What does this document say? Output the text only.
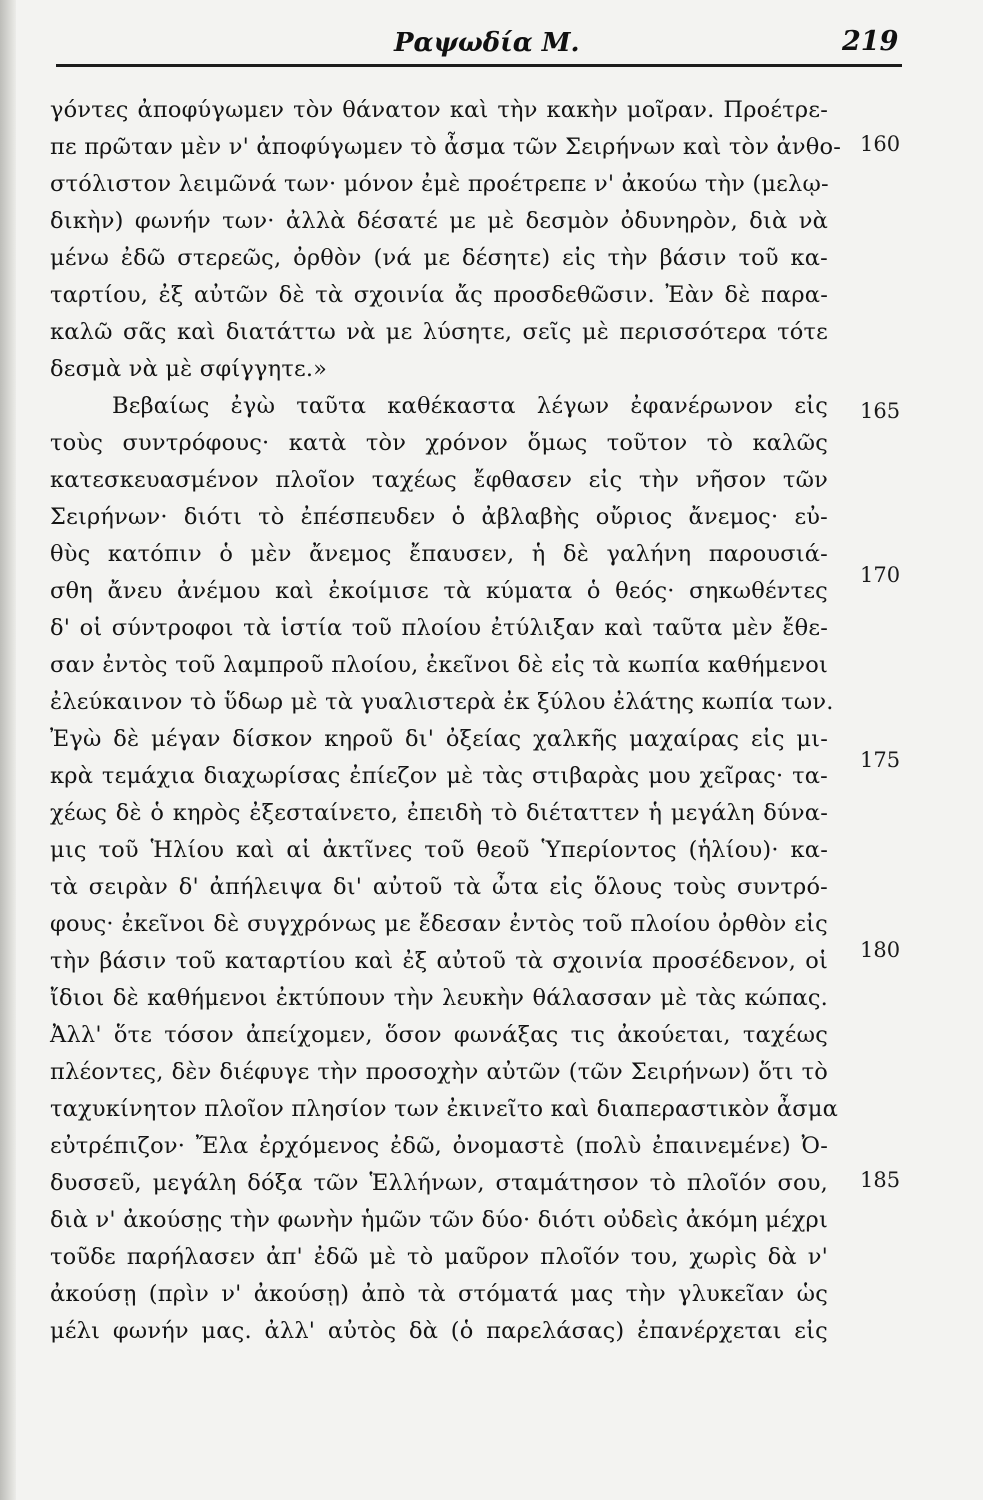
Ραψωδία Μ.	219
γόντες ἀποφύγωμεν τὸν θάνατον καὶ τὴν κακὴν μοῖραν. Προέτρε-
πε πρῶταν μὲν ν' ἀποφύγωμεν τὸ ἆσμα τῶν Σειρήνων καὶ τὸν ἀνθο-
στόλιστον λειμῶνά των· μόνον ἐμὲ προέτρεπε ν' ἀκούω τὴν (μελῳ-
δικὴν) φωνήν των· ἀλλὰ δέσατέ με μὲ δεσμὸν ὀδυνηρὸν, διὰ νὰ
μένω ἐδῶ στερεῶς, ὀρθὸν (νά με δέσητε) εἰς τὴν βάσιν τοῦ κα-
ταρτίου, ἐξ αὐτῶν δὲ τὰ σχοινία ἄς προσδεθῶσιν. Ἐὰν δὲ παρα-
καλῶ σᾶς καὶ διατάττω νὰ με λύσητε, σεῖς μὲ περισσότερα τότε
δεσμὰ νὰ μὲ σφίγγητε.»
Βεβαίως ἐγὼ ταῦτα καθέκαστα λέγων ἐφανέρωνον εἰς
τοὺς συντρόφους· κατὰ τὸν χρόνον ὅμως τοῦτον τὸ καλῶς
κατεσκευασμένον πλοῖον ταχέως ἔφθασεν εἰς τὴν νῆσον τῶν
Σειρήνων· διότι τὸ ἐπέσπευδεν ὁ ἀβλαβὴς οὔριος ἄνεμος· εὐ-
θὺς κατόπιν ὁ μὲν ἄνεμος ἔπαυσεν, ἡ δὲ γαλήνη παρουσιά-
σθη ἄνευ ἀνέμου καὶ ἐκοίμισε τὰ κύματα ὁ θεός· σηκωθέντες
δ' οἱ σύντροφοι τὰ ἱστία τοῦ πλοίου ἐτύλιξαν καὶ ταῦτα μὲν ἔθε-
σαν ἐντὸς τοῦ λαμπροῦ πλοίου, ἐκεῖνοι δὲ εἰς τὰ κωπία καθήμενοι
ἐλεύκαινον τὸ ὕδωρ μὲ τὰ γυαλιστερὰ ἐκ ξύλου ἐλάτης κωπία των.
Ἐγὼ δὲ μέγαν δίσκον κηροῦ δι' ὀξείας χαλκῆς μαχαίρας εἰς μι-
κρὰ τεμάχια διαχωρίσας ἐπίεζον μὲ τὰς στιβαρὰς μου χεῖρας· τα-
χέως δὲ ὁ κηρὸς ἐξεσταίνετο, ἐπειδὴ τὸ διέταττεν ἡ μεγάλη δύνα-
μις τοῦ Ἡλίου καὶ αἱ ἀκτῖνες τοῦ θεοῦ Ὑπερίοντος (ἡλίου)· κα-
τὰ σειρὰν δ' ἀπήλειψα δι' αὐτοῦ τὰ ὦτα εἰς ὅλους τοὺς συντρό-
φους· ἐκεῖνοι δὲ συγχρόνως με ἔδεσαν ἐντὸς τοῦ πλοίου ὀρθὸν εἰς
τὴν βάσιν τοῦ καταρτίου καὶ ἐξ αὐτοῦ τὰ σχοινία προσέδενον, οἱ
ἴδιοι δὲ καθήμενοι ἐκτύπουν τὴν λευκὴν θάλασσαν μὲ τὰς κώπας.
Ἀλλ' ὅτε τόσον ἀπείχομεν, ὅσον φωνάξας τις ἀκούεται, ταχέως
πλέοντες, δὲν διέφυγε τὴν προσοχὴν αὐτῶν (τῶν Σειρήνων) ὅτι τὸ
ταχυκίνητον πλοῖον πλησίον των ἐκινεῖτο καὶ διαπεραστικὸν ἆσμα
εὐτρέπιζον· Ἔλα ἐρχόμενος ἐδῶ, ὀνομαστὲ (πολὺ ἐπαινεμένε) Ὀ-
δυσσεῦ, μεγάλη δόξα τῶν Ἑλλήνων, σταμάτησον τὸ πλοῖόν σου,
διὰ ν' ἀκούσῃς τὴν φωνὴν ἡμῶν τῶν δύο· διότι οὐδεὶς ἀκόμη μέχρι
τοῦδε παρήλασεν ἀπ' ἐδῶ μὲ τὸ μαῦρον πλοῖόν του, χωρὶς δὰ ν'
ἀκούσῃ (πρὶν ν' ἀκούσῃ) ἀπὸ τὰ στόματά μας τὴν γλυκεῖαν ὡς
μέλι φωνήν μας. ἀλλ' αὐτὸς δὰ (ὁ παρελάσας) ἐπανέρχεται εἰς
160
165
170
175
180
185
